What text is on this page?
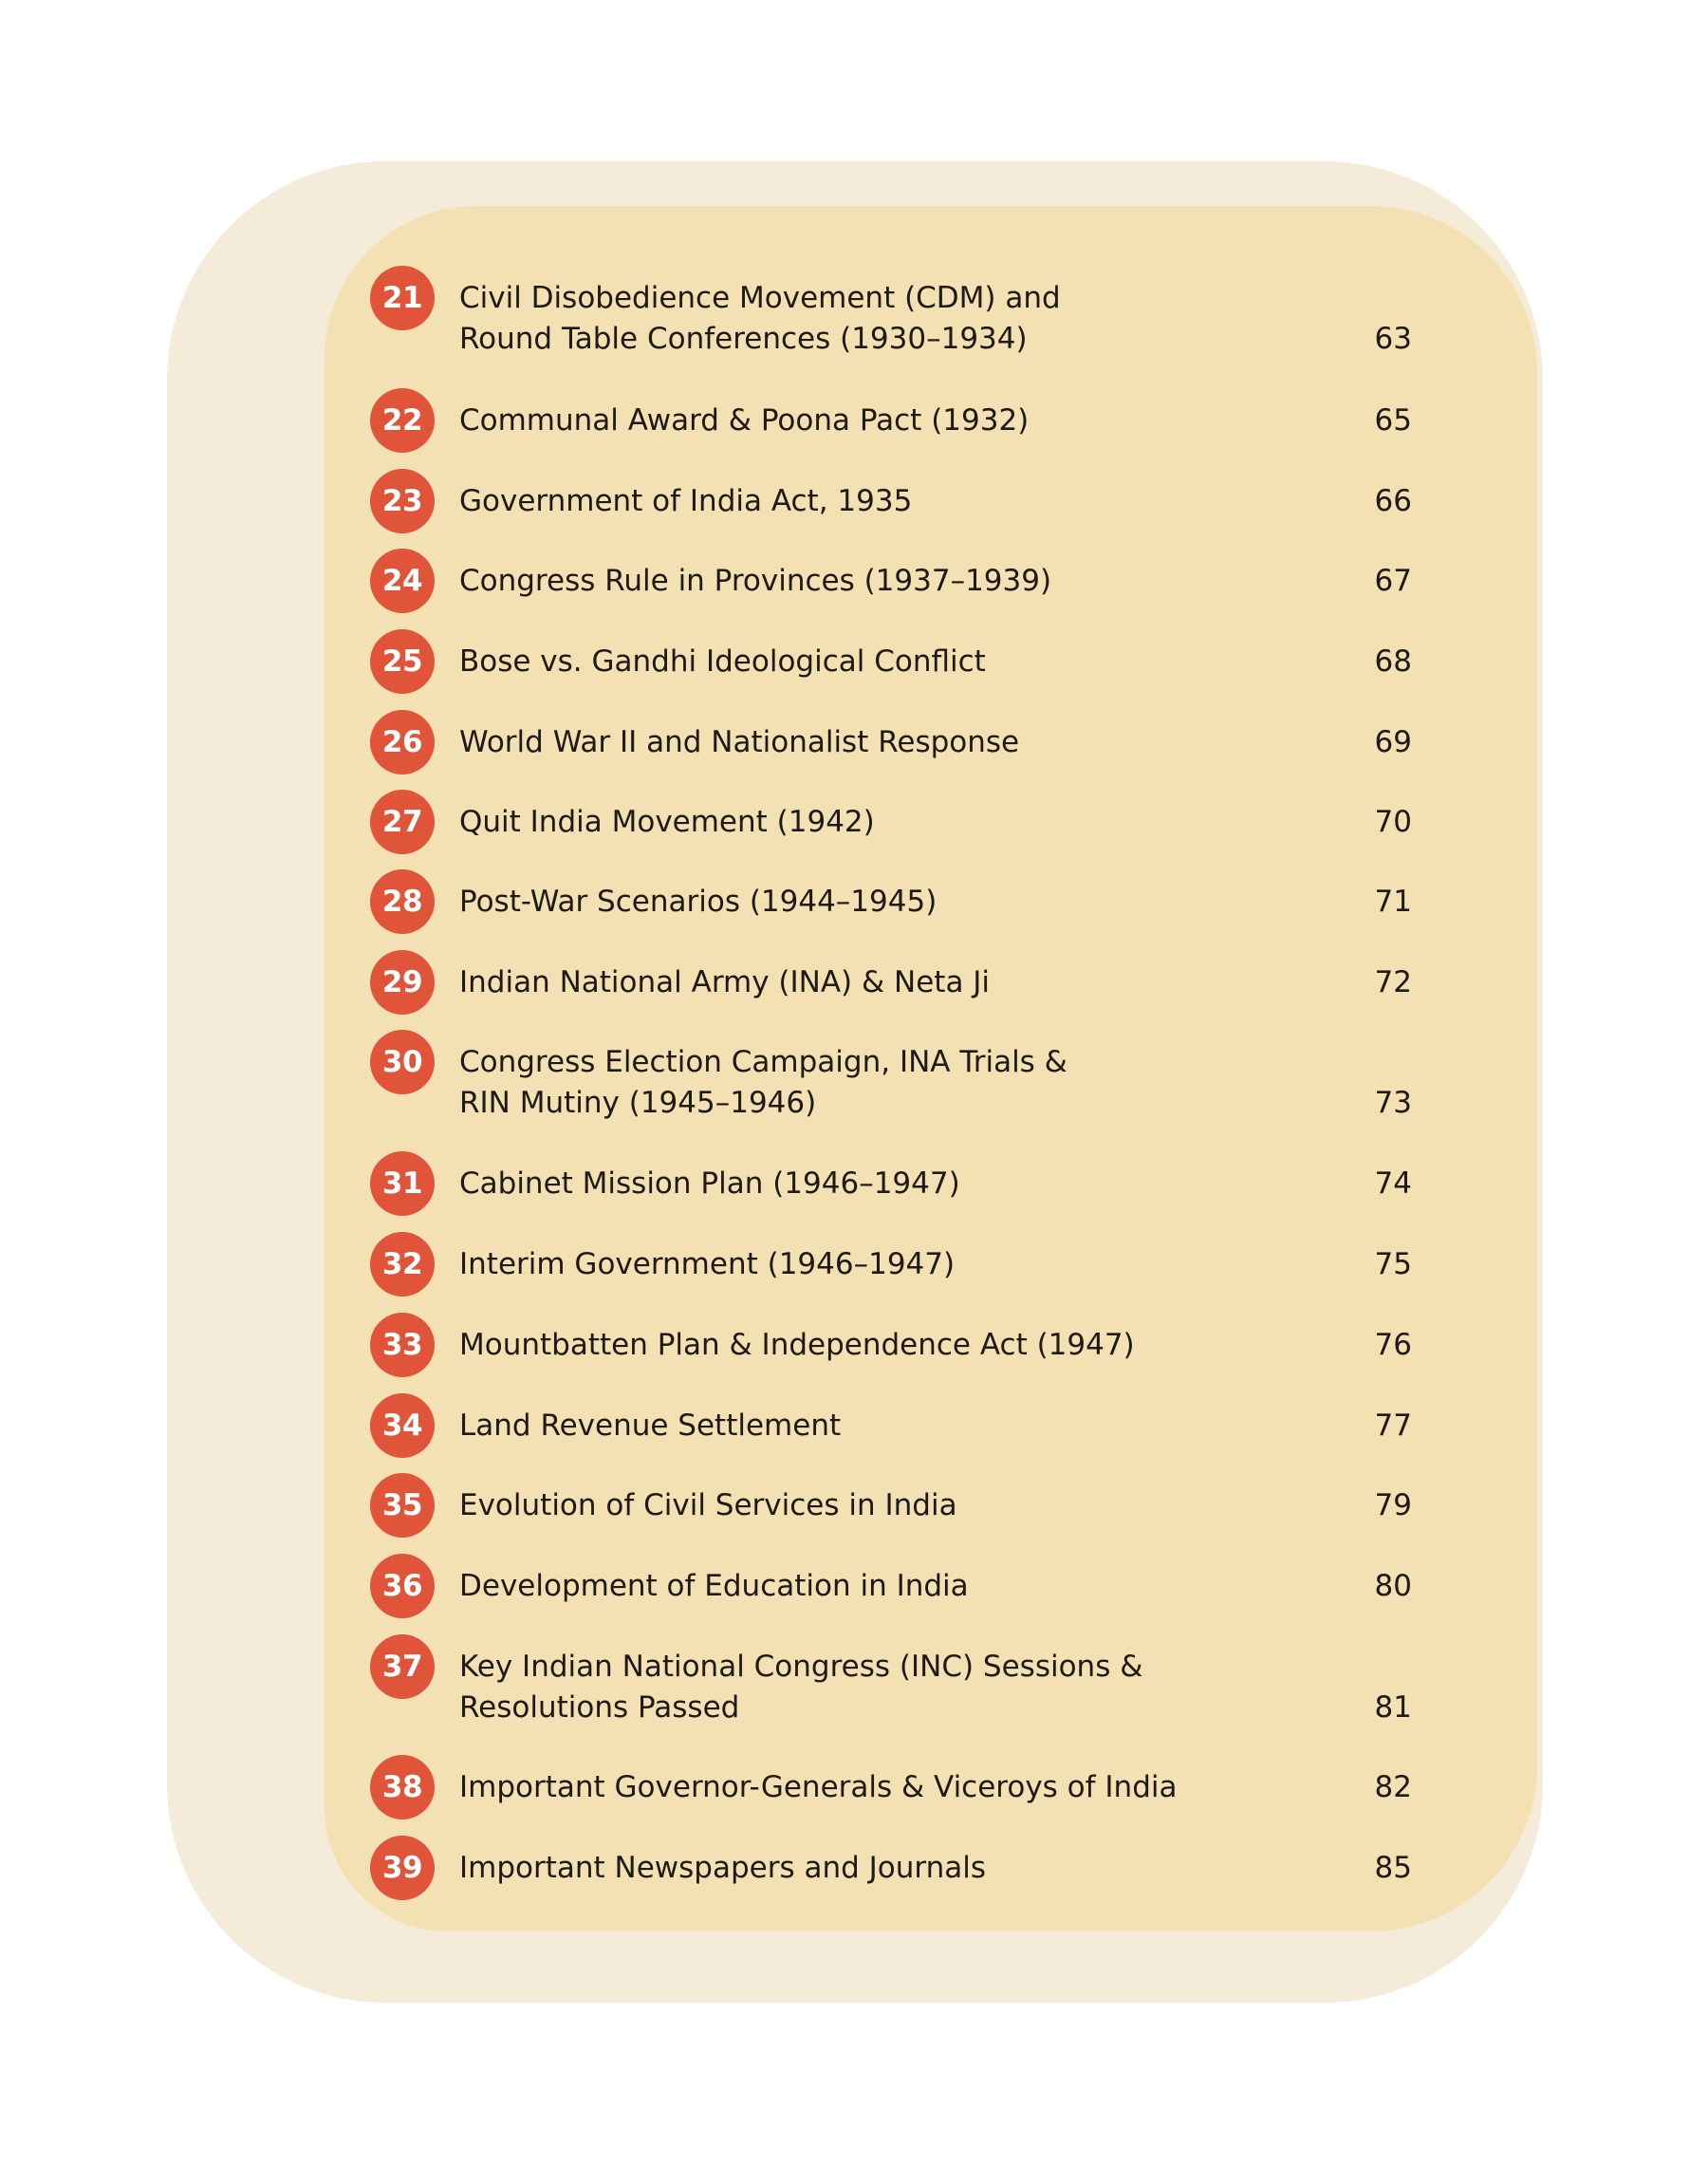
21	Civil Disobedience Movement (CDM) and
Round Table Conferences (1930–1934)	63
22	Communal Award & Poona Pact (1932)	65
23	Government of India Act, 1935	66
24	Congress Rule in Provinces (1937–1939)	67
25	Bose vs. Gandhi Ideological Conflict	68
26	World War II and Nationalist Response	69
27	Quit India Movement (1942)	70
28	Post-War Scenarios (1944–1945)	71
29	Indian National Army (INA) & Neta Ji	72
30	Congress Election Campaign, INA Trials &
RIN Mutiny (1945–1946)	73
31	Cabinet Mission Plan (1946–1947)	74
32	Interim Government (1946–1947)	75
33	Mountbatten Plan & Independence Act (1947)	76
34	Land Revenue Settlement	77
35	Evolution of Civil Services in India	79
36	Development of Education in India	80
37	Key Indian National Congress (INC) Sessions &
Resolutions Passed	81
38	Important Governor-Generals & Viceroys of India	82
39	Important Newspapers and Journals	85
